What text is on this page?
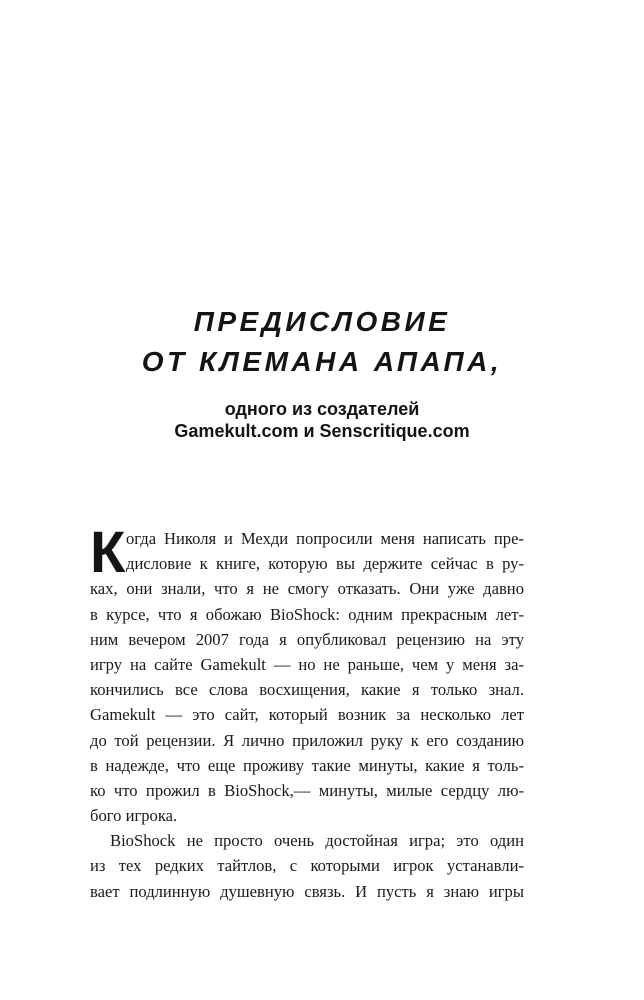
ПРЕДИСЛОВИЕ
ОТ КЛЕМАНА АПАПА,
одного из создателей
Gamekult.com и Senscritique.com
К огда Николя и Мехди попросили меня написать пре-
дисловие к книге, которую вы держите сейчас в ру-
ках, они знали, что я не смогу отказать. Они уже давно
в курсе, что я обожаю BioShock: одним прекрасным лет-
ним вечером 2007 года я опубликовал рецензию на эту
игру на сайте Gamekult — но не раньше, чем у меня за-
кончились все слова восхищения, какие я только знал.
Gamekult — это сайт, который возник за несколько лет
до той рецензии. Я лично приложил руку к его созданию
в надежде, что еще проживу такие минуты, какие я толь-
ко что прожил в BioShock,— минуты, милые сердцу лю-
бого игрока.
BioShock не просто очень достойная игра; это один
из тех редких тайтлов, с которыми игрок устанавли-
вает подлинную душевную связь. И пусть я знаю игры
